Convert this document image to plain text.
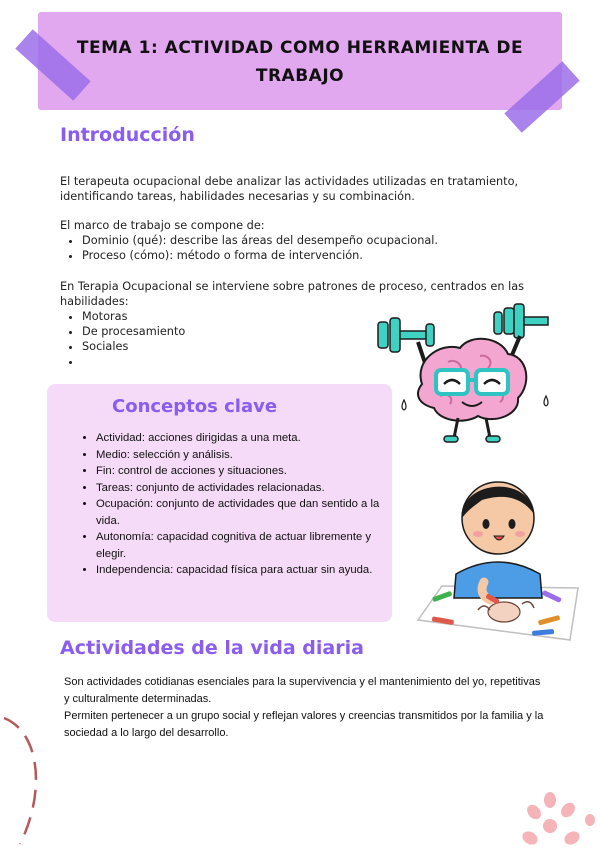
TEMA 1: ACTIVIDAD COMO HERRAMIENTA DE TRABAJO
Introducción

El terapeuta ocupacional debe analizar las actividades utilizadas en tratamiento, identificando tareas, habilidades necesarias y su combinación.

El marco de trabajo se compone de:
• Dominio (qué): describe las áreas del desempeño ocupacional.
• Proceso (cómo): método o forma de intervención.
En Terapia Ocupacional se interviene sobre patrones de proceso, centrados en las habilidades:
• Motoras
• De procesamiento
• Sociales
•
Conceptos clave
• Actividad: acciones dirigidas a una meta.
• Medio: selección y análisis.
• Fin: control de acciones y situaciones.
• Tareas: conjunto de actividades relacionadas.
• Ocupación: conjunto de actividades que dan sentido a la vida.
• Autonomía: capacidad cognitiva de actuar libremente y elegir.
• Independencia: capacidad física para actuar sin ayuda.
Actividades de la vida diaria
Son actividades cotidianas esenciales para la supervivencia y el mantenimiento del yo, repetitivas y culturalmente determinadas.
Permiten pertenecer a un grupo social y reflejan valores y creencias transmitidos por la familia y la sociedad a lo largo del desarrollo.
